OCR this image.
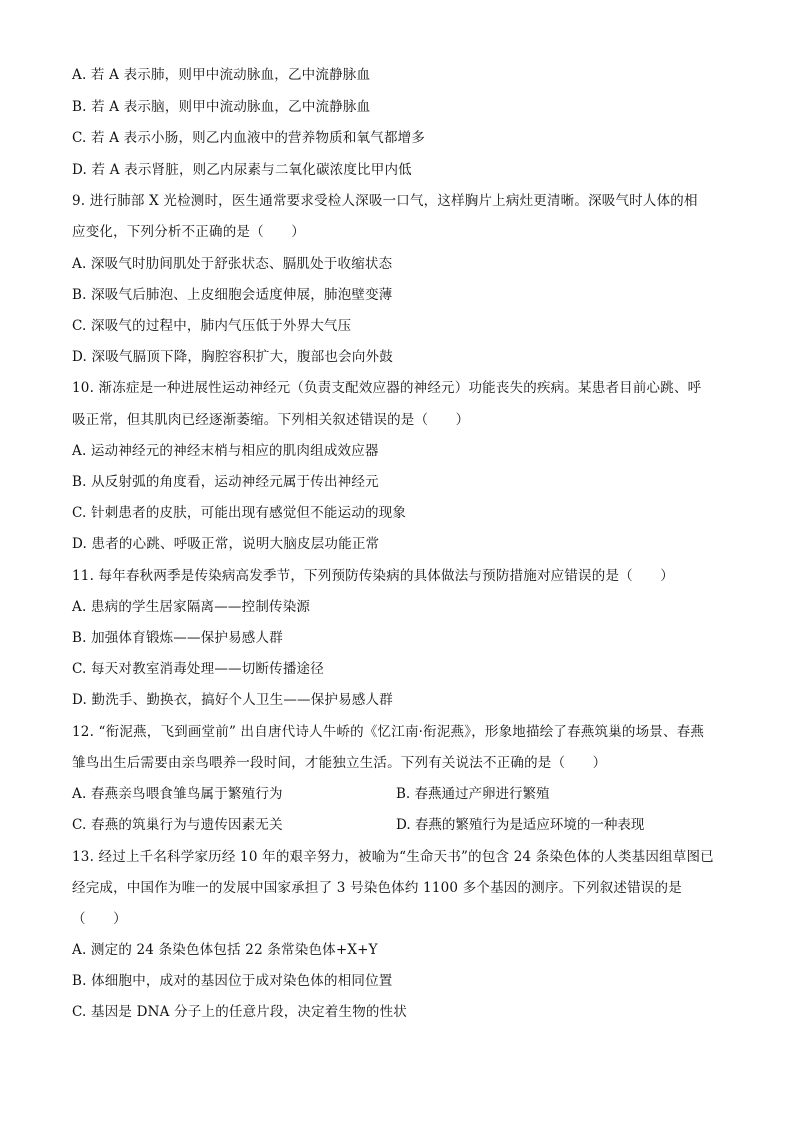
A. 若 A 表示肺，则甲中流动脉血，乙中流静脉血
B. 若 A 表示脑，则甲中流动脉血，乙中流静脉血
C. 若 A 表示小肠，则乙内血液中的营养物质和氧气都增多
D. 若 A 表示肾脏，则乙内尿素与二氧化碳浓度比甲内低
9. 进行肺部 X 光检测时，医生通常要求受检人深吸一口气，这样胸片上病灶更清晰。深吸气时人体的相
应变化，下列分析不正确的是（　　）
A. 深吸气时肋间肌处于舒张状态、膈肌处于收缩状态
B. 深吸气后肺泡、上皮细胞会适度伸展，肺泡壁变薄
C. 深吸气的过程中，肺内气压低于外界大气压
D. 深吸气膈顶下降，胸腔容积扩大，腹部也会向外鼓
10. 渐冻症是一种进展性运动神经元（负责支配效应器的神经元）功能丧失的疾病。某患者目前心跳、呼
吸正常，但其肌肉已经逐渐萎缩。下列相关叙述错误的是（　　）
A. 运动神经元的神经末梢与相应的肌肉组成效应器
B. 从反射弧的角度看，运动神经元属于传出神经元
C. 针刺患者的皮肤，可能出现有感觉但不能运动的现象
D. 患者的心跳、呼吸正常，说明大脑皮层功能正常
11. 每年春秋两季是传染病高发季节，下列预防传染病的具体做法与预防措施对应错误的是（　　）
A. 患病的学生居家隔离——控制传染源
B. 加强体育锻炼——保护易感人群
C. 每天对教室消毒处理——切断传播途径
D. 勤洗手、勤换衣，搞好个人卫生——保护易感人群
12. “衔泥燕，飞到画堂前” 出自唐代诗人牛峤的《忆江南·衔泥燕》，形象地描绘了春燕筑巢的场景、春燕
雏鸟出生后需要由亲鸟喂养一段时间，才能独立生活。下列有关说法不正确的是（　　）
A. 春燕亲鸟喂食雏鸟属于繁殖行为	B. 春燕通过产卵进行繁殖
C. 春燕的筑巢行为与遗传因素无关	D. 春燕的繁殖行为是适应环境的一种表现
13. 经过上千名科学家历经 10 年的艰辛努力，被喻为“生命天书”的包含 24 条染色体的人类基因组草图已
经完成，中国作为唯一的发展中国家承担了 3 号染色体约 1100 多个基因的测序。下列叙述错误的是
（　　）
A. 测定的 24 条染色体包括 22 条常染色体+X+Y
B. 体细胞中，成对的基因位于成对染色体的相同位置
C. 基因是 DNA 分子上的任意片段，决定着生物的性状
